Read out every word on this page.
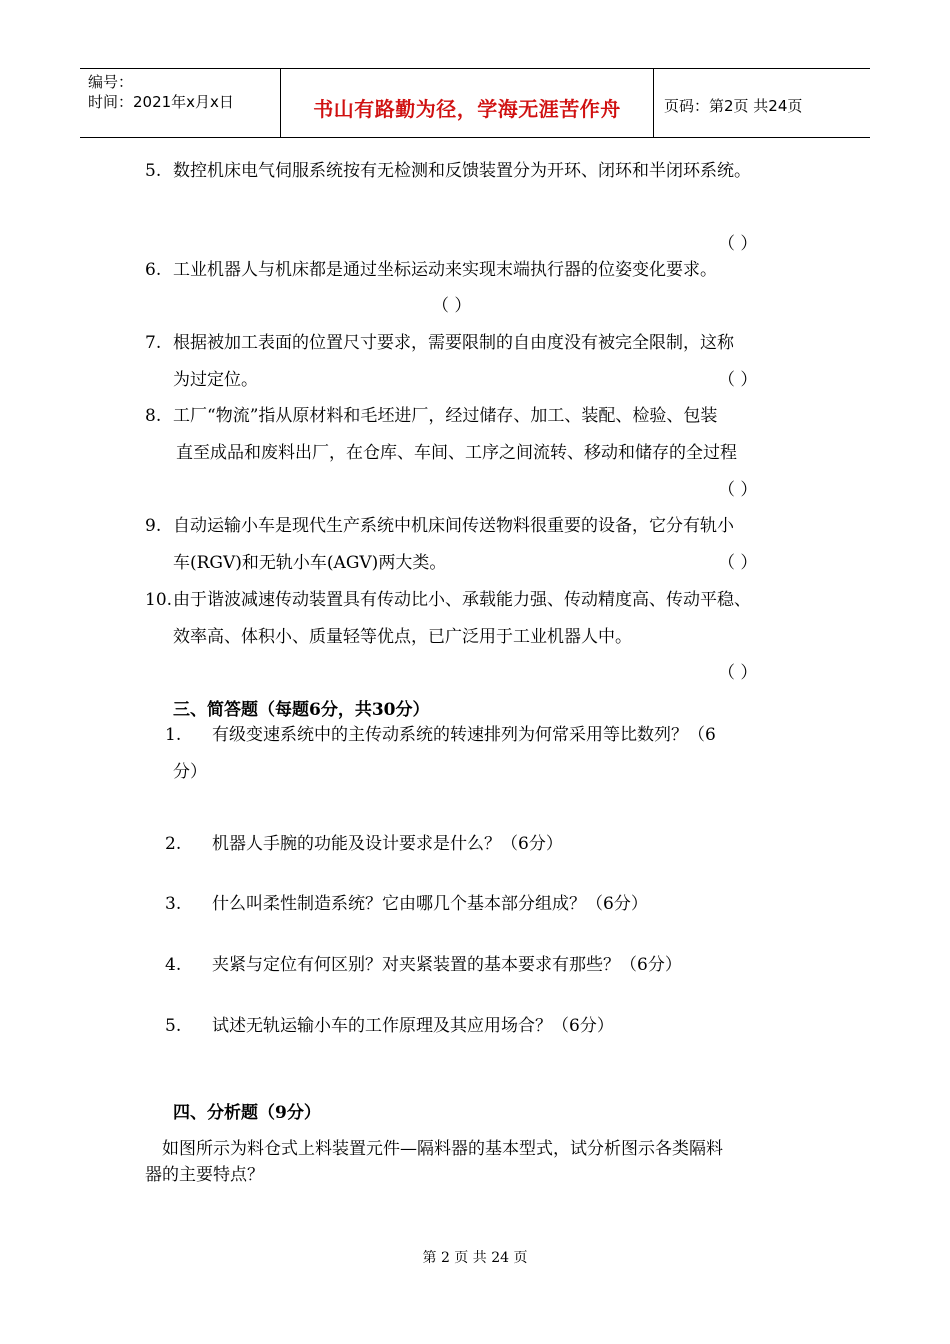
编号：
时间：2021年x月x日	书山有路勤为径，学海无涯苦作舟	页码：第2页 共24页
5. 数控机床电气伺服系统按有无检测和反馈装置分为开环、闭环和半闭环系统。
（ ）
6. 工业机器人与机床都是通过坐标运动来实现末端执行器的位姿变化要求。
（ ）
7. 根据被加工表面的位置尺寸要求，需要限制的自由度没有被完全限制，这称
为过定位。	（ ）
8. 工厂“物流”指从原材料和毛坯进厂，经过储存、加工、装配、检验、包装
直至成品和废料出厂，在仓库、车间、工序之间流转、移动和储存的全过程
（ ）
9. 自动运输小车是现代生产系统中机床间传送物料很重要的设备，它分有轨小
车(RGV)和无轨小车(AGV)两大类。	（ ）
10. 由于谐波减速传动装置具有传动比小、承载能力强、传动精度高、传动平稳、
效率高、体积小、质量轻等优点，已广泛用于工业机器人中。
（ ）
三、简答题（每题6分，共30分）
1. 有级变速系统中的主传动系统的转速排列为何常采用等比数列？（6
分）
2. 机器人手腕的功能及设计要求是什么？（6分）
3. 什么叫柔性制造系统？它由哪几个基本部分组成？（6分）
4. 夹紧与定位有何区别？对夹紧装置的基本要求有那些？（6分）
5. 试述无轨运输小车的工作原理及其应用场合？（6分）
四、分析题（9分）
如图所示为料仓式上料装置元件—隔料器的基本型式，试分析图示各类隔料
器的主要特点？
第 2 页 共 24 页
